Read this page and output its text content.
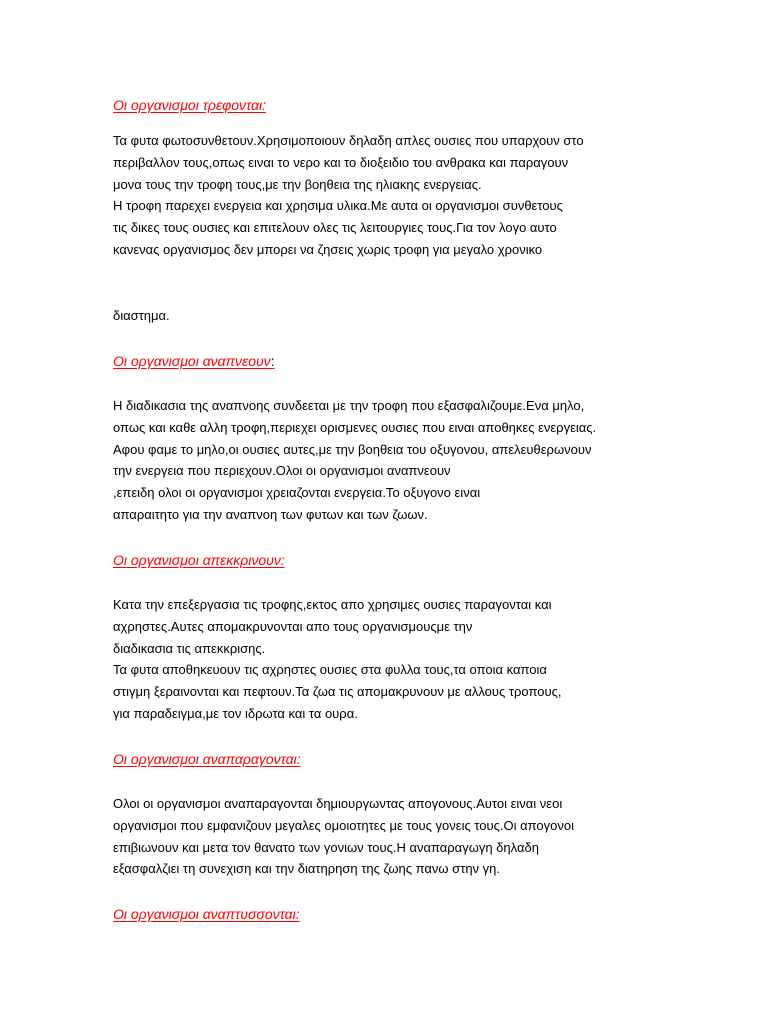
Οι οργανισμοι τρεφονται:
Τα φυτα φωτοσυνθετουν.Χρησιμοποιουν δηλαδη απλες ουσιες που υπαρχουν στο
περιβαλλον τους,οπως ειναι το νερο και το διοξειδιο του ανθρακα και παραγουν
μονα τους την τροφη τους,με την βοηθεια της ηλιακης ενεργειας.
Η τροφη παρεχει ενεργεια και χρησιμα υλικα.Με αυτα οι οργανισμοι συνθετους
τις δικες τους ουσιες και επιτελουν ολες τις λειτουργιες τους.Για τον λογο αυτο
κανενας οργανισμος δεν μπορει να ζησεις χωρις τροφη για μεγαλο χρονικο
διαστημα.
Οι οργανισμοι αναπνεουν:
Η διαδικασια της αναπνοης συνδεεται με την τροφη που εξασφαλιζουμε.Ενα μηλο,
οπως και καθε αλλη τροφη,περιεχει ορισμενες ουσιες που ειναι αποθηκες ενεργειας.
Αφου φαμε το μηλο,οι ουσιες αυτες,με την βοηθεια του οξυγονου, απελευθερωνουν
την ενεργεια που περιεχουν.Ολοι οι οργανισμοι αναπνεουν
,επειδη ολοι οι οργανισμοι χρειαζονται ενεργεια.Το οξυγονο ειναι
απαραιτητο για την αναπνοη των φυτων και των ζωων.
Οι οργανισμοι απεκκρινουν:
Κατα την επεξεργασια τις τροφης,εκτος απο χρησιμες ουσιες παραγονται και
αχρηστες.Αυτες απομακρυνονται απο τους οργανισμουςμε την
διαδικασια τις απεκκρισης.
Τα φυτα αποθηκευουν τις αχρηστες ουσιες στα φυλλα τους,τα οποια καποια
στιγμη ξεραινονται και πεφτουν.Τα ζωα τις απομακρυνουν με αλλους τροπους,
για παραδειγμα,με τον ιδρωτα και τα ουρα.
Οι οργανισμοι αναπαραγονται:
Ολοι οι οργανισμοι αναπαραγονται δημιουργωντας απογονους.Αυτοι ειναι νεοι
οργανισμοι που εμφανιζουν μεγαλες ομοιοτητες με τους γονεις τους.Οι απογονοι
επιβιωνουν και μετα τον θανατο των γονιων τους.Η αναπαραγωγη δηλαδη
εξασφαλζιει τη συνεχιση και την διατηρηση της ζωης πανω στην γη.
Οι οργανισμοι αναπτυσσονται:
